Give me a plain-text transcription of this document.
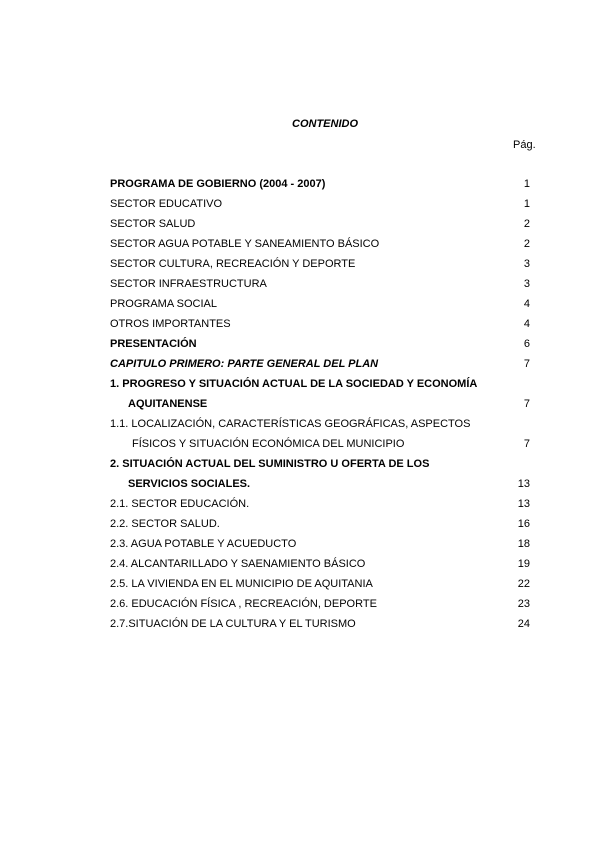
CONTENIDO
Pág.
PROGRAMA DE GOBIERNO (2004 - 2007)	1
SECTOR EDUCATIVO	1
SECTOR SALUD	2
SECTOR AGUA POTABLE Y SANEAMIENTO BÁSICO	2
SECTOR CULTURA, RECREACIÓN Y DEPORTE	3
SECTOR INFRAESTRUCTURA	3
PROGRAMA SOCIAL	4
OTROS IMPORTANTES	4
PRESENTACIÓN	6
CAPITULO PRIMERO: PARTE GENERAL DEL PLAN	7
1. PROGRESO Y SITUACIÓN ACTUAL DE LA SOCIEDAD Y ECONOMÍA
AQUITANENSE	7
1.1. LOCALIZACIÓN, CARACTERÍSTICAS GEOGRÁFICAS, ASPECTOS
FÍSICOS Y SITUACIÓN ECONÓMICA DEL MUNICIPIO	7
2. SITUACIÓN ACTUAL DEL SUMINISTRO U OFERTA DE LOS
SERVICIOS SOCIALES.	13
2.1. SECTOR EDUCACIÓN.	13
2.2. SECTOR SALUD.	16
2.3. AGUA POTABLE Y ACUEDUCTO	18
2.4. ALCANTARILLADO Y SAENAMIENTO BÁSICO	19
2.5. LA VIVIENDA EN EL MUNICIPIO DE AQUITANIA	22
2.6. EDUCACIÓN FÍSICA , RECREACIÓN, DEPORTE	23
2.7.SITUACIÓN DE LA CULTURA Y EL TURISMO	24
